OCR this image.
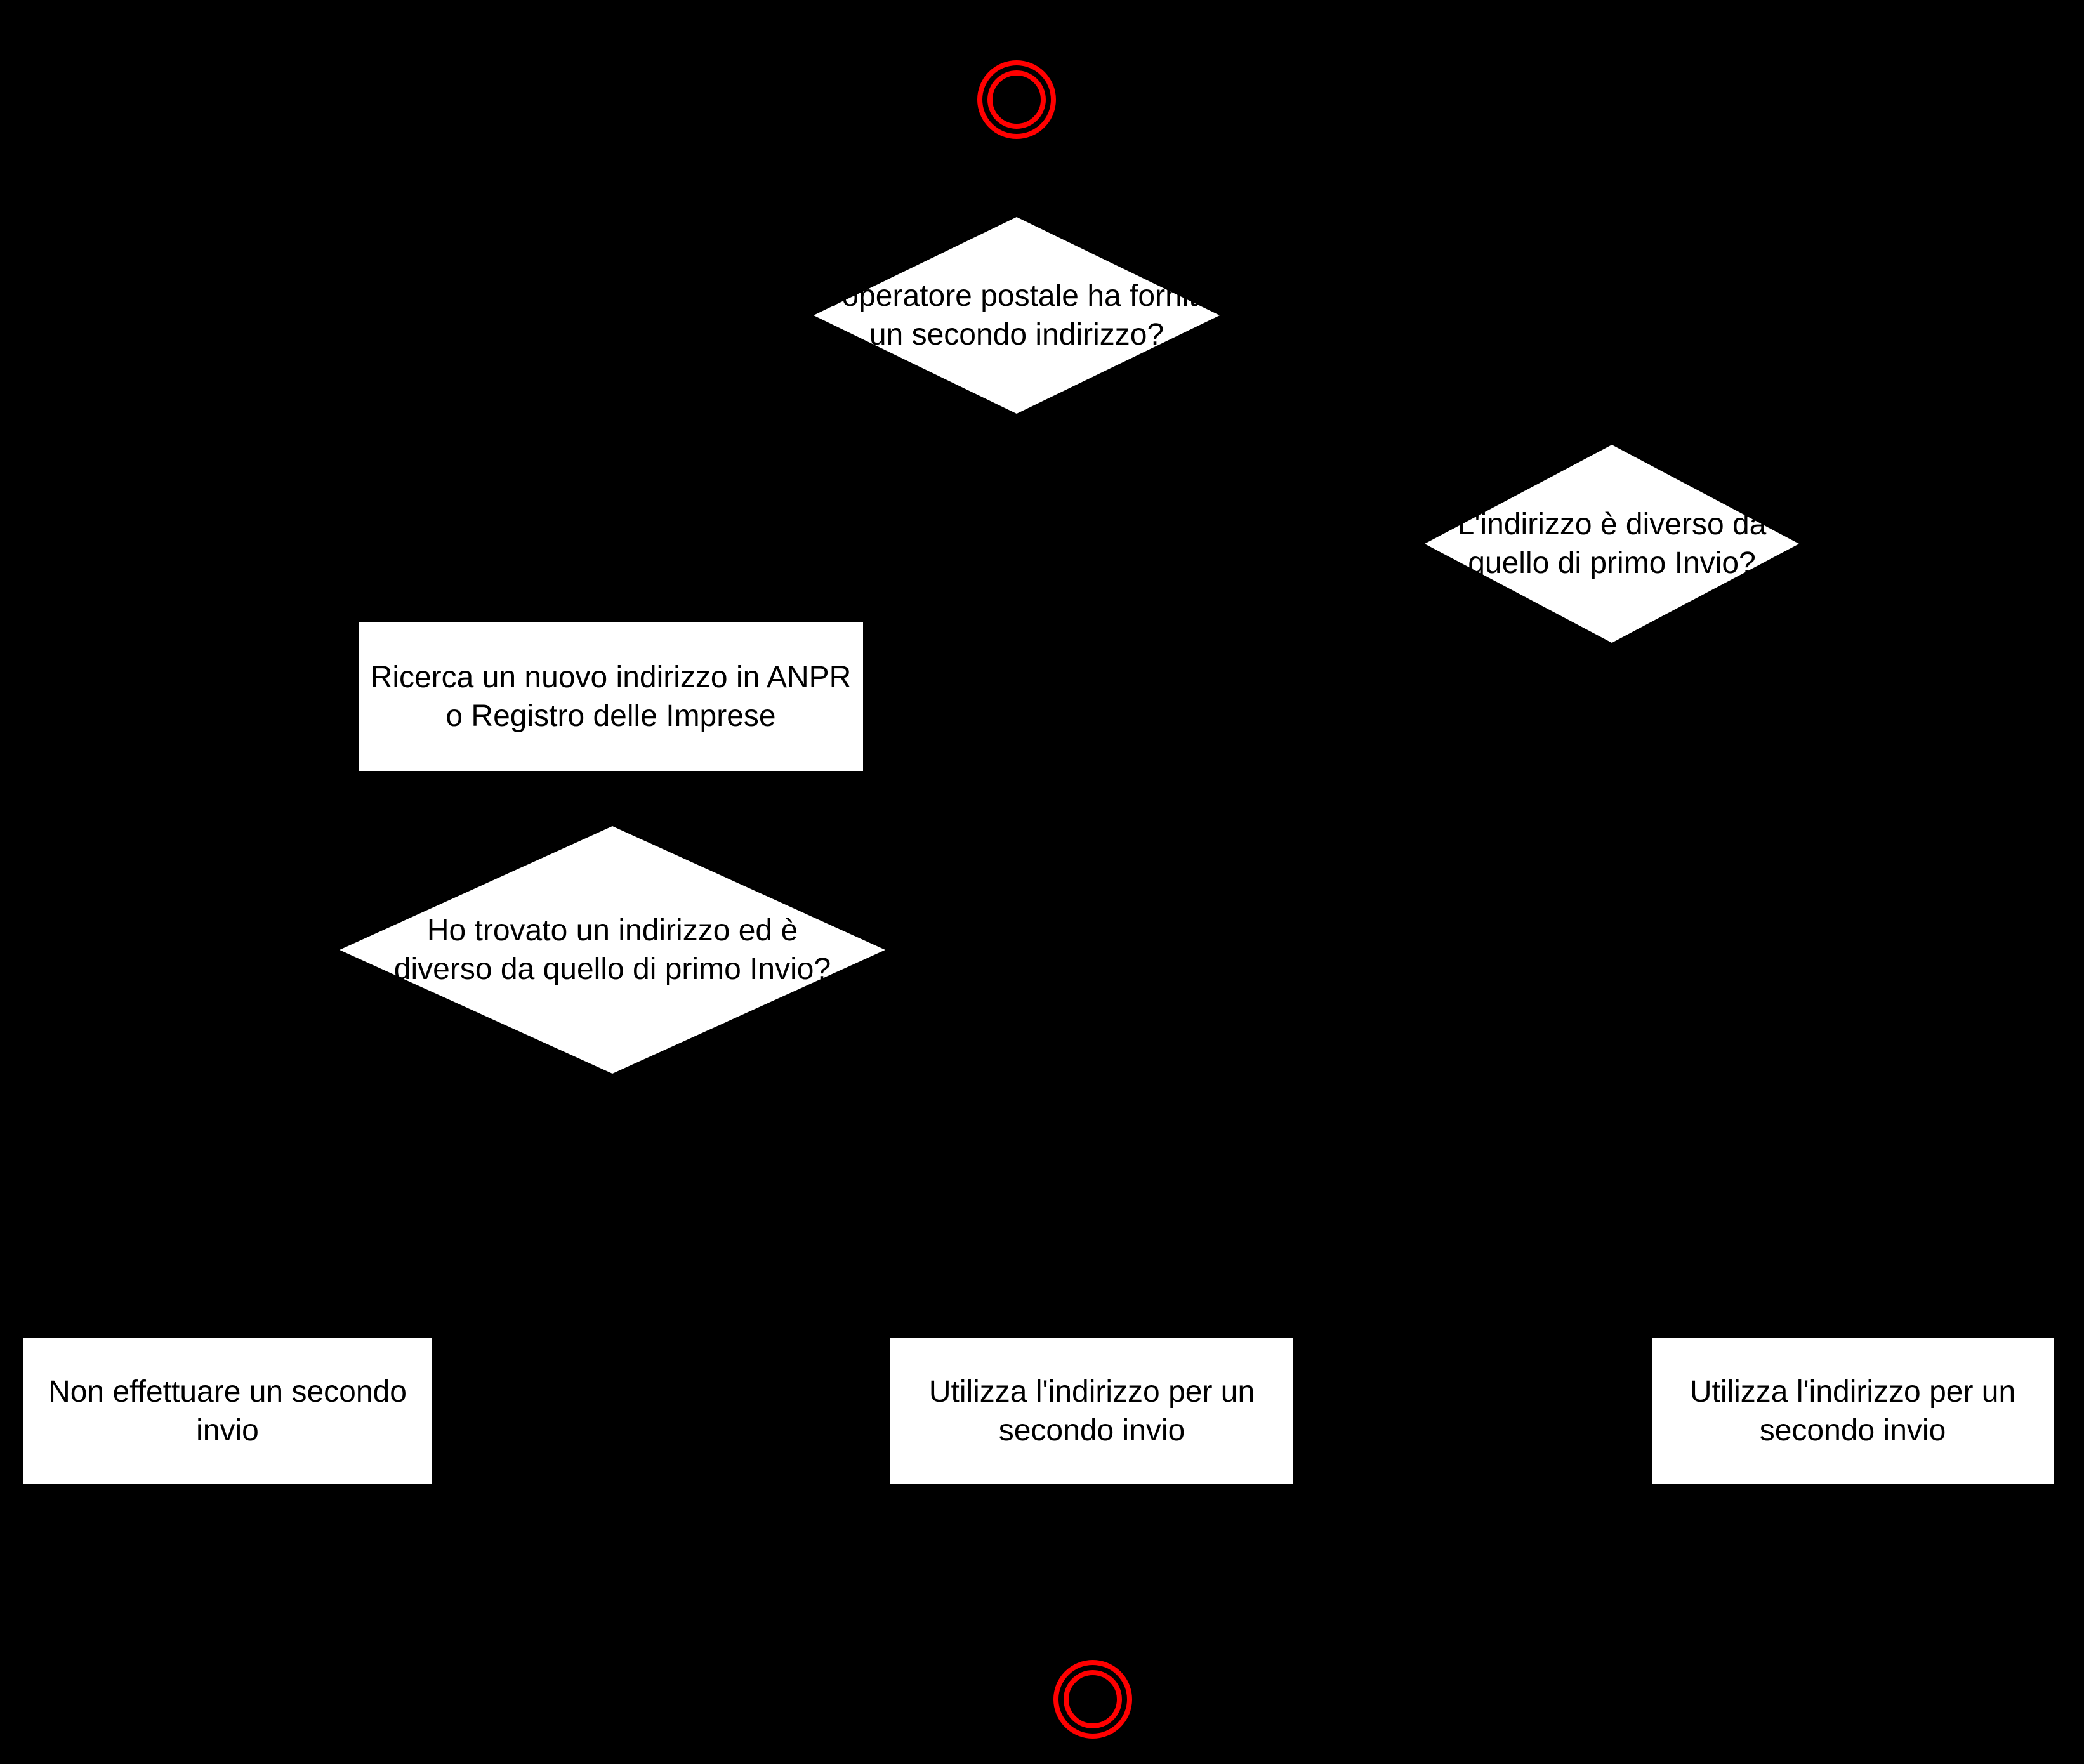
L'operatore postale ha fornito
un secondo indirizzo?
L'indirizzo è diverso da
quello di primo Invio?
Ricerca un nuovo indirizzo in ANPR
o Registro delle Imprese
Ho trovato un indirizzo ed è
diverso da quello di primo Invio?
Non effettuare un secondo
invio
Utilizza l'indirizzo per un
secondo invio
Utilizza l'indirizzo per un
secondo invio
